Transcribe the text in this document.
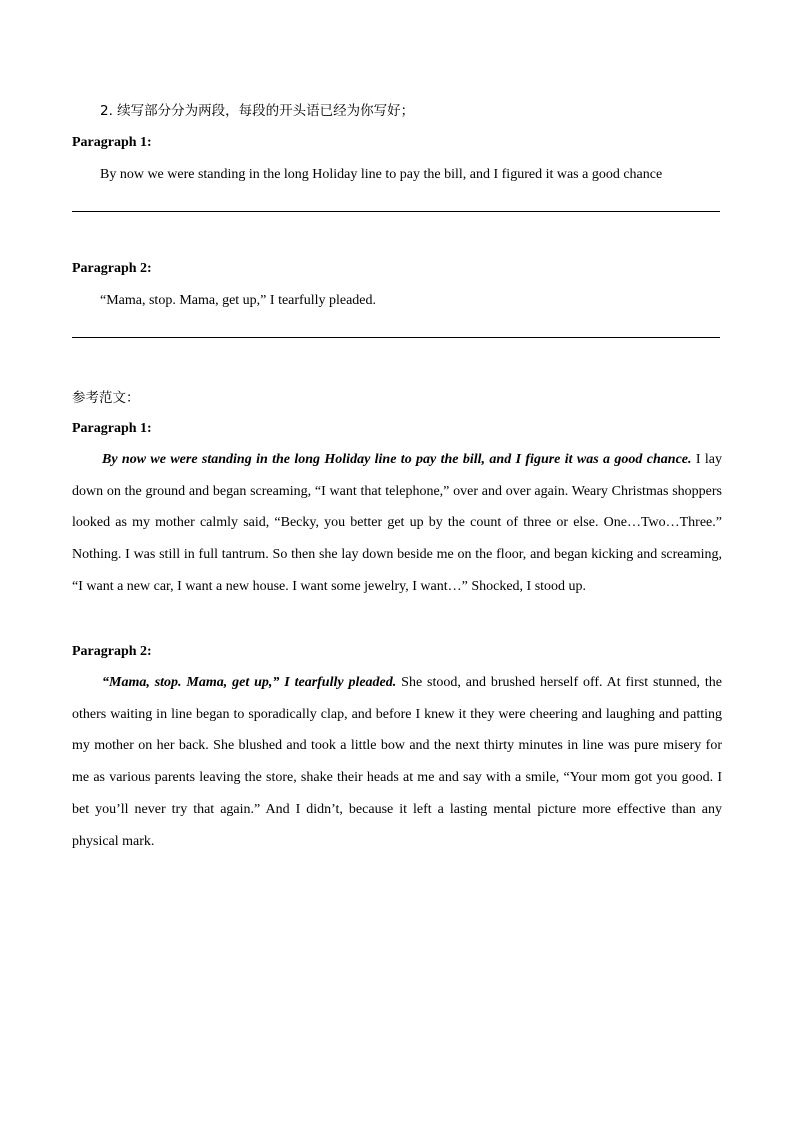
2. 续写部分分为两段，每段的开头语已经为你写好；
Paragraph 1:
By now we were standing in the long Holiday line to pay the bill, and I figured it was a good chance
Paragraph 2:
“Mama, stop. Mama, get up,” I tearfully pleaded.
参考范文：
Paragraph 1:
By now we were standing in the long Holiday line to pay the bill, and I figure it was a good chance. I lay down on the ground and began screaming, “I want that telephone,” over and over again. Weary Christmas shoppers looked as my mother calmly said, “Becky, you better get up by the count of three or else. One…Two…Three.” Nothing. I was still in full tantrum. So then she lay down beside me on the floor, and began kicking and screaming, “I want a new car, I want a new house. I want some jewelry, I want…” Shocked, I stood up.
Paragraph 2:
“Mama, stop. Mama, get up,” I tearfully pleaded. She stood, and brushed herself off. At first stunned, the others waiting in line began to sporadically clap, and before I knew it they were cheering and laughing and patting my mother on her back. She blushed and took a little bow and the next thirty minutes in line was pure misery for me as various parents leaving the store, shake their heads at me and say with a smile, “Your mom got you good. I bet you’ll never try that again.” And I didn’t, because it left a lasting mental picture more effective than any physical mark.
